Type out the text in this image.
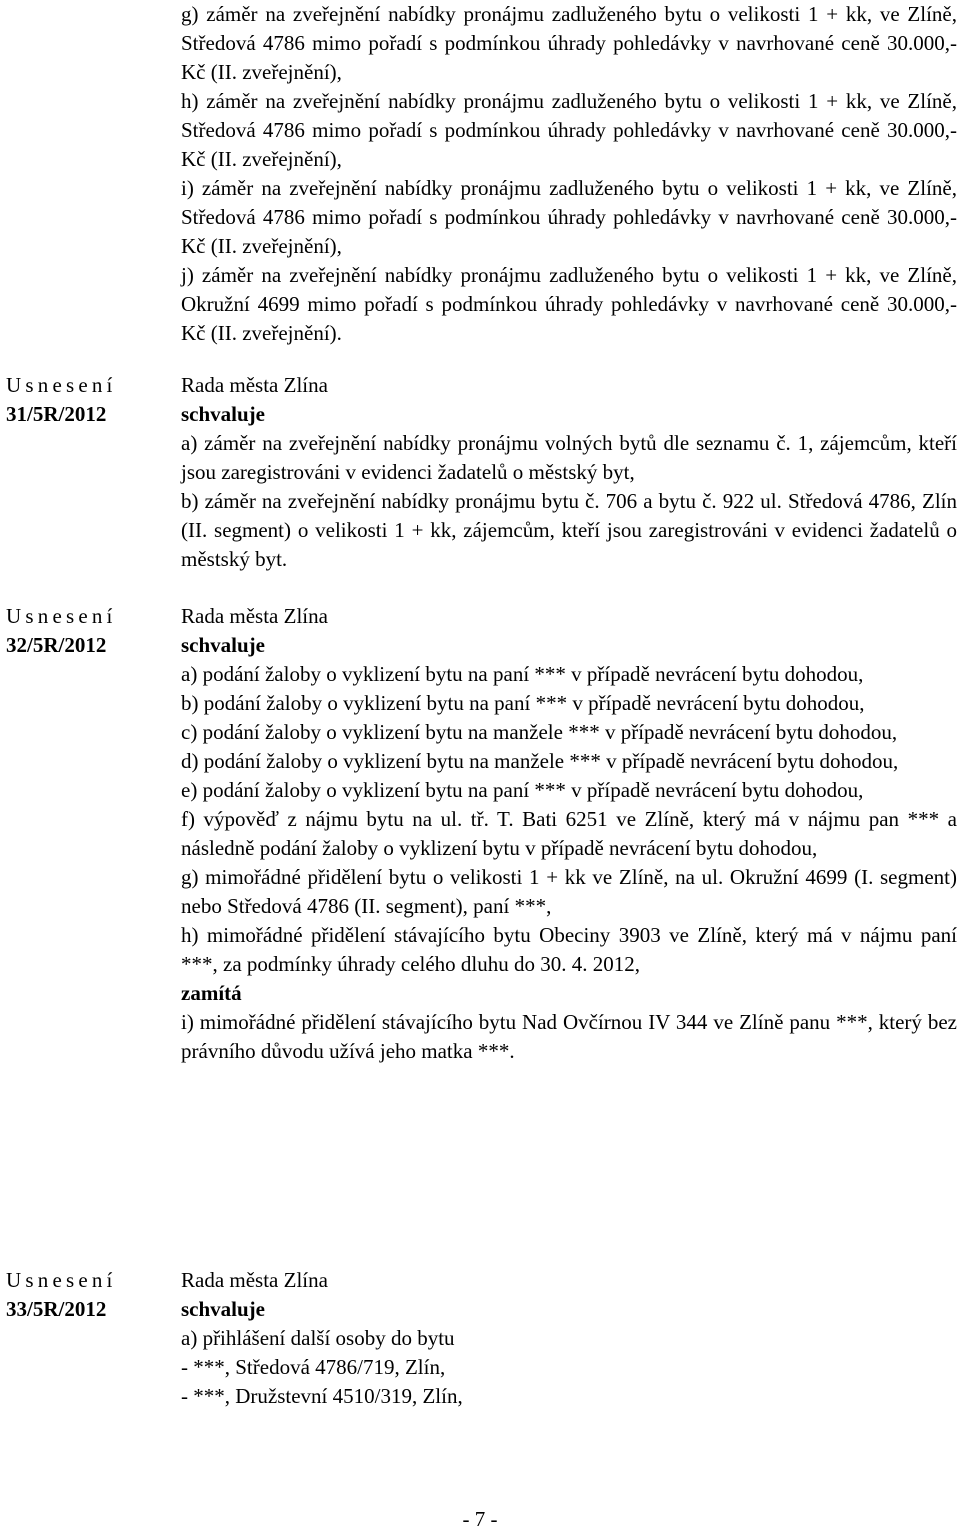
g) záměr na zveřejnění nabídky pronájmu zadluženého bytu o velikosti 1 + kk, ve Zlíně, Středová 4786 mimo pořadí s podmínkou úhrady pohledávky v navrhované ceně 30.000,- Kč (II. zveřejnění),

h) záměr na zveřejnění nabídky pronájmu zadluženého bytu o velikosti 1 + kk, ve Zlíně, Středová 4786 mimo pořadí s podmínkou úhrady pohledávky v navrhované ceně 30.000,- Kč (II. zveřejnění),

i) záměr na zveřejnění nabídky pronájmu zadluženého bytu o velikosti 1 + kk, ve Zlíně, Středová 4786 mimo pořadí s podmínkou úhrady pohledávky v navrhované ceně 30.000,- Kč (II. zveřejnění),

j) záměr na zveřejnění nabídky pronájmu zadluženého bytu o velikosti 1 + kk, ve Zlíně, Okružní 4699 mimo pořadí s podmínkou úhrady pohledávky v navrhované ceně 30.000,- Kč (II. zveřejnění).

Usnesení

31/5R/2012

Rada města Zlína

schvaluje

a) záměr na zveřejnění nabídky pronájmu volných bytů dle seznamu č. 1, zájemcům, kteří jsou zaregistrováni v evidenci žadatelů o městský byt,

b) záměr na zveřejnění nabídky pronájmu bytu č. 706 a bytu č. 922 ul. Středová 4786, Zlín (II. segment) o velikosti 1 + kk, zájemcům, kteří jsou zaregistrováni v evidenci žadatelů o městský byt.

Usnesení

32/5R/2012

Rada města Zlína

schvaluje

a) podání žaloby o vyklizení bytu na paní *** v případě nevrácení bytu dohodou,

b) podání žaloby o vyklizení bytu na paní *** v případě nevrácení bytu dohodou,

c) podání žaloby o vyklizení bytu na manžele *** v případě nevrácení bytu dohodou,

d) podání žaloby o vyklizení bytu na manžele *** v případě nevrácení bytu dohodou,

e) podání žaloby o vyklizení bytu na paní *** v případě nevrácení bytu dohodou,

f) výpověď z nájmu bytu na ul. tř. T. Bati 6251 ve Zlíně, který má v nájmu pan *** a následně podání žaloby o vyklizení bytu v případě nevrácení bytu dohodou,

g) mimořádné přidělení bytu o velikosti 1 + kk ve Zlíně, na ul. Okružní 4699 (I. segment) nebo Středová 4786 (II. segment), paní ***,

h) mimořádné přidělení stávajícího bytu Obeciny 3903 ve Zlíně, který má v nájmu paní ***, za podmínky úhrady celého dluhu do 30. 4. 2012,

zamítá

i) mimořádné přidělení stávajícího bytu Nad Ovčírnou IV 344 ve Zlíně panu ***, který bez právního důvodu užívá jeho matka ***.

Usnesení

33/5R/2012

Rada města Zlína

schvaluje

a) přihlášení další osoby do bytu

- ***, Středová 4786/719, Zlín,

- ***, Družstevní 4510/319, Zlín,

- 7 -
